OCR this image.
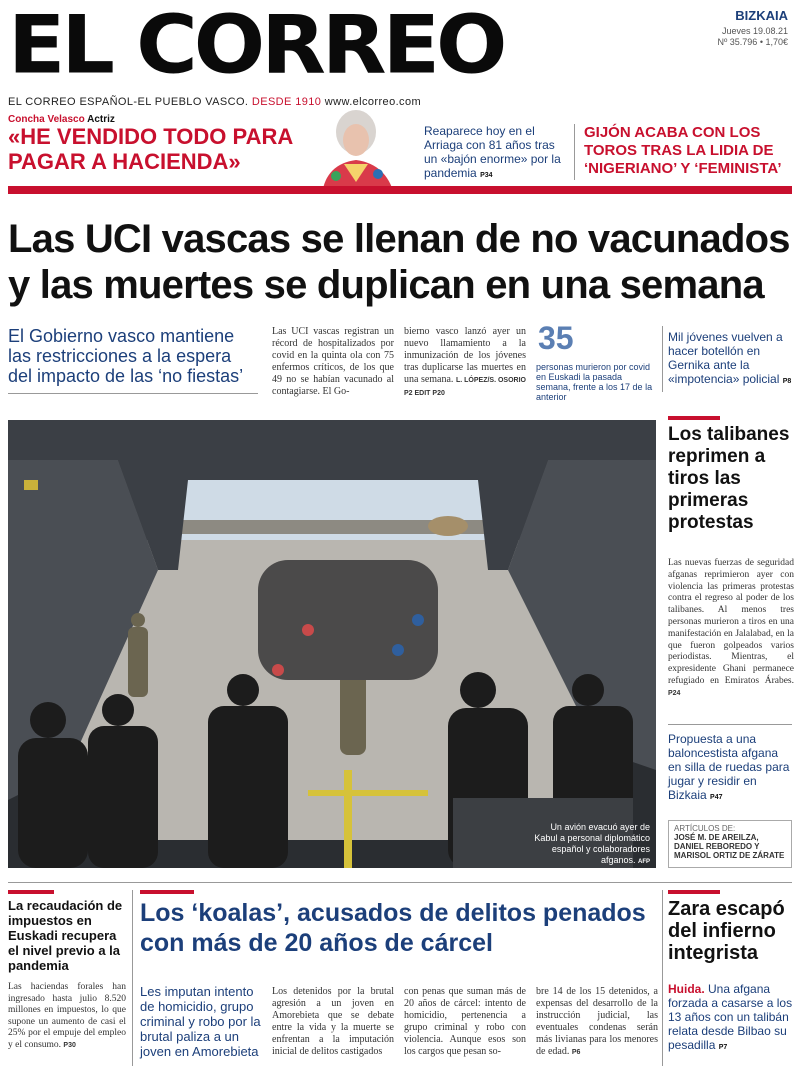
EL CORREO	BIZKAIA
Jueves 19.08.21
Nº 35.796 • 1,70€
EL CORREO ESPAÑOL-EL PUEBLO VASCO. DESDE 1910 www.elcorreo.com
Concha Velasco Actriz
«HE VENDIDO TODO PARA PAGAR A HACIENDA»
Reaparece hoy en el Arriaga con 81 años tras un «bajón enorme» por la pandemia P34
GIJÓN ACABA CON LOS TOROS TRAS LA LIDIA DE ‘NIGERIANO’ Y ‘FEMINISTA’
Las UCI vascas se llenan de no vacunados y las muertes se duplican en una semana
El Gobierno vasco mantiene las restricciones a la espera del impacto de las ‘no fiestas’
Las UCI vascas registran un récord de hospitalizados por covid en la quinta ola con 75 enfermos críticos, de los que 49 no se habían vacunado al contagiarse. El Go-
bierno vasco lanzó ayer un nuevo llamamiento a la inmunización de los jóvenes tras duplicarse las muertes en una semana. L. LÓPEZ/S. OSORIO P2 EDIT P20
35
personas murieron por covid en Euskadi la pasada semana, frente a los 17 de la anterior
Mil jóvenes vuelven a hacer botellón en Gernika ante la «impotencia» policial P8
Un avión evacuó ayer de Kabul a personal diplomático español y colaboradores afganos. AFP
Los talibanes reprimen a tiros las primeras protestas
Las nuevas fuerzas de seguridad afganas reprimieron ayer con violencia las primeras protestas contra el regreso al poder de los talibanes. Al menos tres personas murieron a tiros en una manifestación en Jalalabad, en la que fueron golpeados varios periodistas. Mientras, el expresidente Ghani permanece refugiado en Emiratos Árabes. P24
Propuesta a una baloncestista afgana en silla de ruedas para jugar y residir en Bizkaia P47
ARTÍCULOS DE:
JOSÉ M. DE AREILZA, DANIEL REBOREDO Y MARISOL ORTIZ DE ZÁRATE
La recaudación de impuestos en Euskadi recupera el nivel previo a la pandemia
Las haciendas forales han ingresado hasta julio 8.520 millones en impuestos, lo que supone un aumento de casi el 25% por el empuje del empleo y el consumo. P30
Los ‘koalas’, acusados de delitos penados con más de 20 años de cárcel
Les imputan intento de homicidio, grupo criminal y robo por la brutal paliza a un joven en Amorebieta
Los detenidos por la brutal agresión a un joven en Amorebieta que se debate entre la vida y la muerte se enfrentan a la imputación inicial de delitos castigados
con penas que suman más de 20 años de cárcel: intento de homicidio, pertenencia a grupo criminal y robo con violencia. Aunque esos son los cargos que pesan so-
bre 14 de los 15 detenidos, a expensas del desarrollo de la instrucción judicial, las eventuales condenas serán más livianas para los menores de edad. P6
Zara escapó del infierno integrista
Huida. Una afgana forzada a casarse a los 13 años con un talibán relata desde Bilbao su pesadilla P7
